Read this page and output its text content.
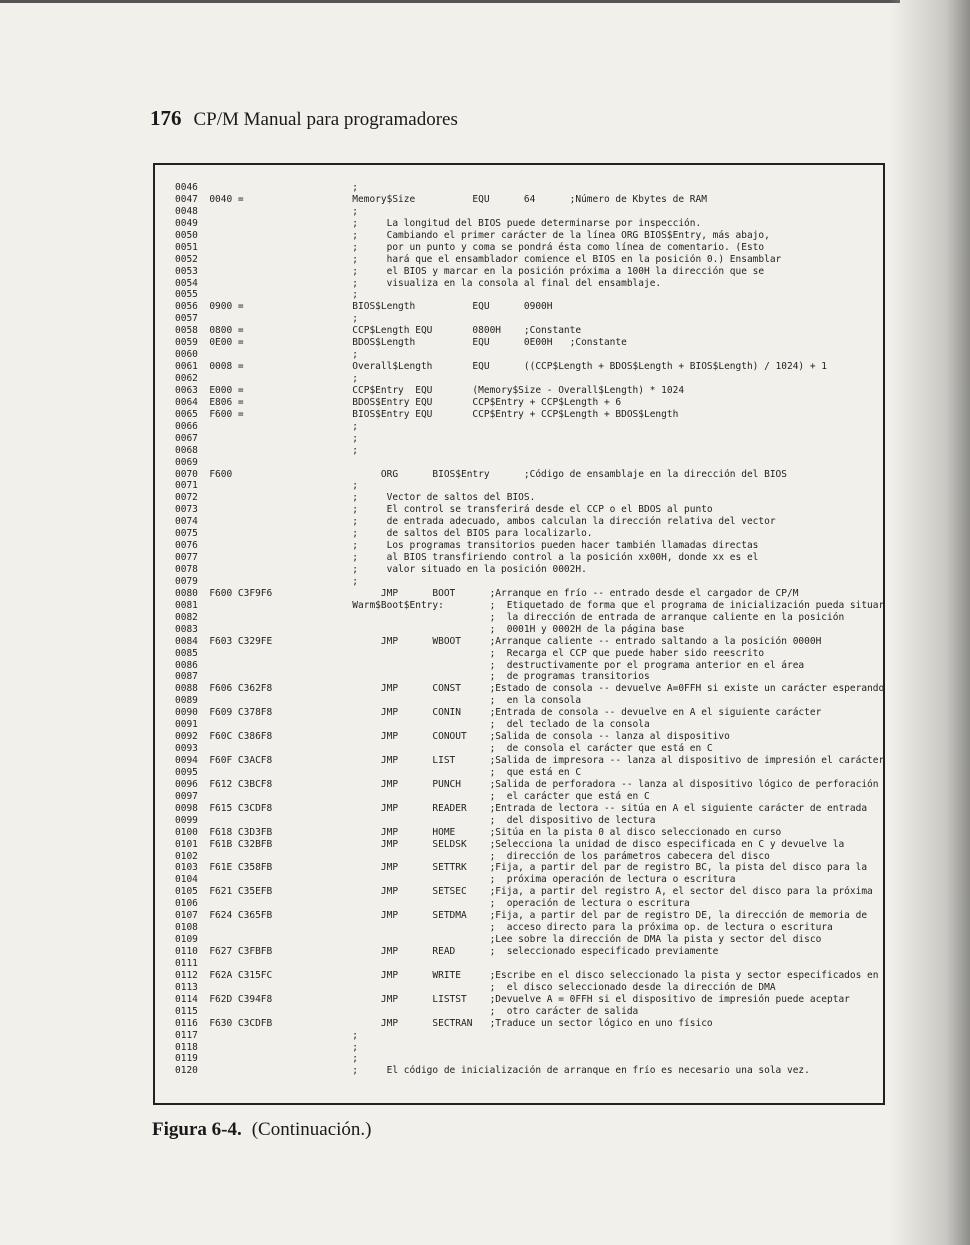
176 CP/M Manual para programadores
0046                           ;
0047  0040 =                   Memory$Size          EQU      64      ;Número de Kbytes de RAM
0048                           ;
0049                           ;     La longitud del BIOS puede determinarse por inspección.
0050                           ;     Cambiando el primer carácter de la línea ORG BIOS$Entry, más abajo,
0051                           ;     por un punto y coma se pondrá ésta como línea de comentario. (Esto
0052                           ;     hará que el ensamblador comience el BIOS en la posición 0.) Ensamblar
0053                           ;     el BIOS y marcar en la posición próxima a 100H la dirección que se
0054                           ;     visualiza en la consola al final del ensamblaje.
0055                           ;
0056  0900 =                   BIOS$Length          EQU      0900H
0057                           ;
0058  0800 =                   CCP$Length EQU       0800H    ;Constante
0059  0E00 =                   BDOS$Length          EQU      0E00H   ;Constante
0060                           ;
0061  0008 =                   Overall$Length       EQU      ((CCP$Length + BDOS$Length + BIOS$Length) / 1024) + 1
0062                           ;
0063  E000 =                   CCP$Entry  EQU       (Memory$Size - Overall$Length) * 1024
0064  E806 =                   BDOS$Entry EQU       CCP$Entry + CCP$Length + 6
0065  F600 =                   BIOS$Entry EQU       CCP$Entry + CCP$Length + BDOS$Length
0066                           ;
0067                           ;
0068                           ;
0069
0070  F600                          ORG      BIOS$Entry      ;Código de ensamblaje en la dirección del BIOS
0071                           ;
0072                           ;     Vector de saltos del BIOS.
0073                           ;     El control se transferirá desde el CCP o el BDOS al punto
0074                           ;     de entrada adecuado, ambos calculan la dirección relativa del vector
0075                           ;     de saltos del BIOS para localizarlo.
0076                           ;     Los programas transitorios pueden hacer también llamadas directas
0077                           ;     al BIOS transfiriendo control a la posición xx00H, donde xx es el
0078                           ;     valor situado en la posición 0002H.
0079                           ;
0080  F600 C3F9F6                   JMP      BOOT      ;Arranque en frío -- entrado desde el cargador de CP/M
0081                           Warm$Boot$Entry:        ;  Etiquetado de forma que el programa de inicialización pueda situar
0082                                                   ;  la dirección de entrada de arranque caliente en la posición
0083                                                   ;  0001H y 0002H de la página base
0084  F603 C329FE                   JMP      WBOOT     ;Arranque caliente -- entrado saltando a la posición 0000H
0085                                                   ;  Recarga el CCP que puede haber sido reescrito
0086                                                   ;  destructivamente por el programa anterior en el área
0087                                                   ;  de programas transitorios
0088  F606 C362F8                   JMP      CONST     ;Estado de consola -- devuelve A=0FFH si existe un carácter esperando
0089                                                   ;  en la consola
0090  F609 C378F8                   JMP      CONIN     ;Entrada de consola -- devuelve en A el siguiente carácter
0091                                                   ;  del teclado de la consola
0092  F60C C386F8                   JMP      CONOUT    ;Salida de consola -- lanza al dispositivo
0093                                                   ;  de consola el carácter que está en C
0094  F60F C3ACF8                   JMP      LIST      ;Salida de impresora -- lanza al dispositivo de impresión el carácter
0095                                                   ;  que está en C
0096  F612 C3BCF8                   JMP      PUNCH     ;Salida de perforadora -- lanza al dispositivo lógico de perforación
0097                                                   ;  el carácter que está en C
0098  F615 C3CDF8                   JMP      READER    ;Entrada de lectora -- sitúa en A el siguiente carácter de entrada
0099                                                   ;  del dispositivo de lectura
0100  F618 C3D3FB                   JMP      HOME      ;Sitúa en la pista 0 al disco seleccionado en curso
0101  F61B C32BFB                   JMP      SELDSK    ;Selecciona la unidad de disco especificada en C y devuelve la
0102                                                   ;  dirección de los parámetros cabecera del disco
0103  F61E C358FB                   JMP      SETTRK    ;Fija, a partir del par de registro BC, la pista del disco para la
0104                                                   ;  próxima operación de lectura o escritura
0105  F621 C35EFB                   JMP      SETSEC    ;Fija, a partir del registro A, el sector del disco para la próxima
0106                                                   ;  operación de lectura o escritura
0107  F624 C365FB                   JMP      SETDMA    ;Fija, a partir del par de registro DE, la dirección de memoria de
0108                                                   ;  acceso directo para la próxima op. de lectura o escritura
0109                                                   ;Lee sobre la dirección de DMA la pista y sector del disco
0110  F627 C3FBFB                   JMP      READ      ;  seleccionado especificado previamente
0111
0112  F62A C315FC                   JMP      WRITE     ;Escribe en el disco seleccionado la pista y sector especificados en
0113                                                   ;  el disco seleccionado desde la dirección de DMA
0114  F62D C394F8                   JMP      LISTST    ;Devuelve A = 0FFH si el dispositivo de impresión puede aceptar
0115                                                   ;  otro carácter de salida
0116  F630 C3CDFB                   JMP      SECTRAN   ;Traduce un sector lógico en uno físico
0117                           ;
0118                           ;
0119                           ;
0120                           ;     El código de inicialización de arranque en frío es necesario una sola vez.
Figura 6-4. (Continuación.)
